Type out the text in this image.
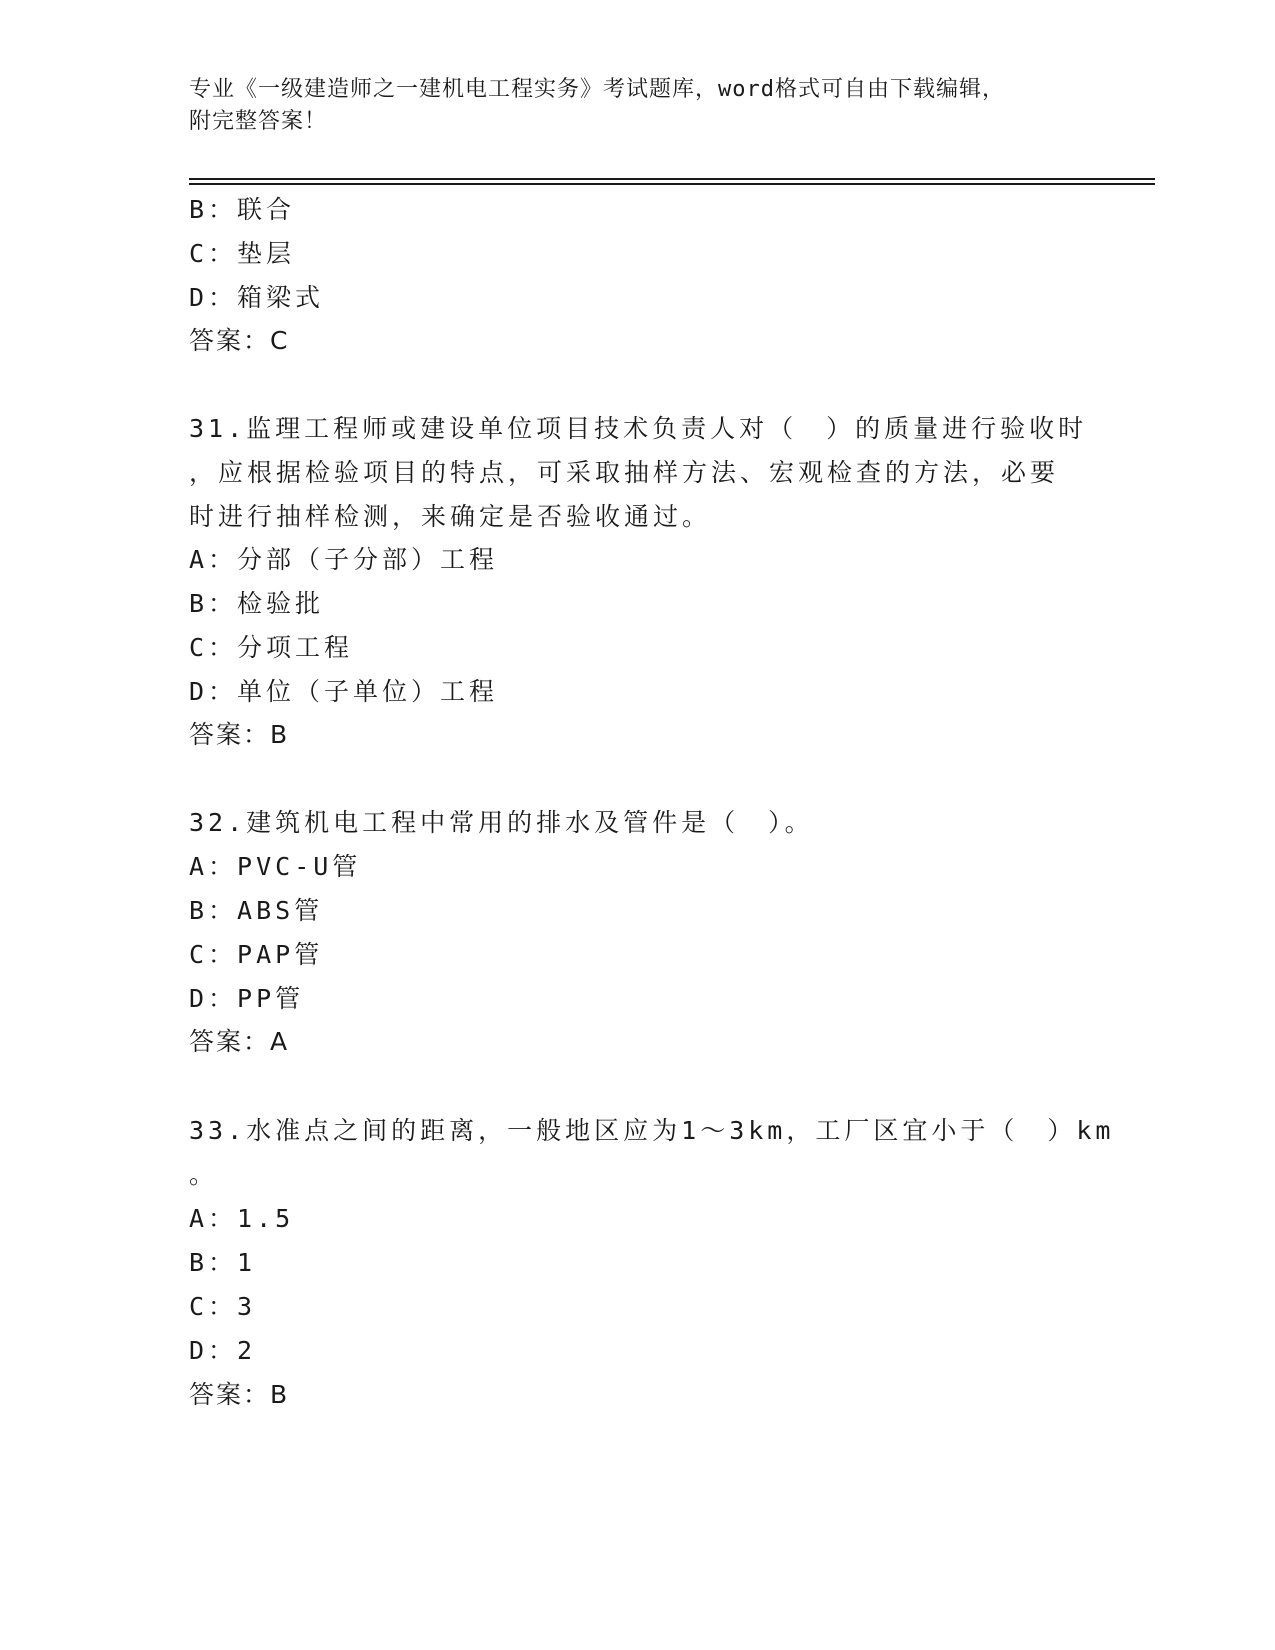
专业《一级建造师之一建机电工程实务》考试题库，word格式可自由下载编辑，
附完整答案！
B：联合
C：垫层
D：箱梁式
答案：C
31.监理工程师或建设单位项目技术负责人对（　）的质量进行验收时
，应根据检验项目的特点，可采取抽样方法、宏观检查的方法，必要
时进行抽样检测，来确定是否验收通过。
A：分部（子分部）工程
B：检验批
C：分项工程
D：单位（子单位）工程
答案：B
32.建筑机电工程中常用的排水及管件是（　）。
A：PVC-U管
B：ABS管
C：PAP管
D：PP管
答案：A
33.水准点之间的距离，一般地区应为1～3km，工厂区宜小于（　）km
。
A：1.5
B：1
C：3
D：2
答案：B
